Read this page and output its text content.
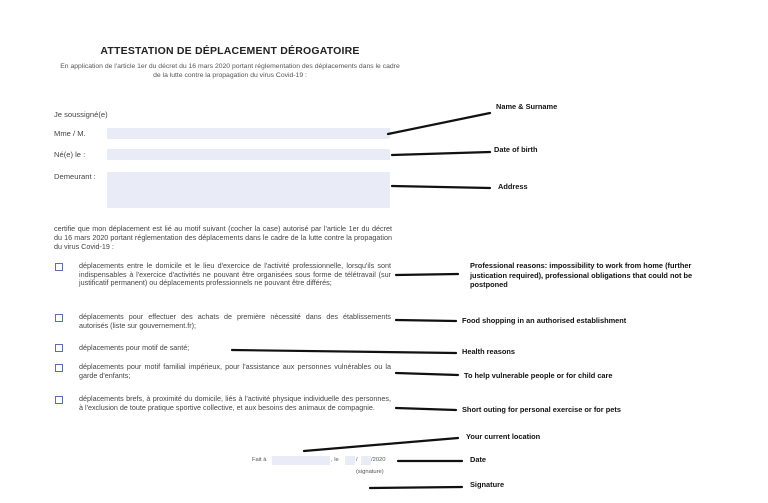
ATTESTATION DE DÉPLACEMENT DÉROGATOIRE
En application de l'article 1er du décret du 16 mars 2020 portant réglementation des déplacements dans le cadre de la lutte contre la propagation du virus Covid-19 :
Je soussigné(e)
Mme / M.
Né(e) le :
Demeurant :
certifie que mon déplacement est lié au motif suivant (cocher la case) autorisé par l'article 1er du décret du 16 mars 2020 portant réglementation des déplacements dans le cadre de la lutte contre la propagation du virus Covid-19 :
déplacements entre le domicile et le lieu d'exercice de l'activité professionnelle, lorsqu'ils sont indispensables à l'exercice d'activités ne pouvant être organisées sous forme de télétravail (sur justificatif permanent) ou déplacements professionnels ne pouvant être différés;
déplacements pour effectuer des achats de première nécessité dans des établissements autorisés (liste sur gouvernement.fr);
déplacements pour motif de santé;
déplacements pour motif familial impérieux, pour l'assistance aux personnes vulnérables ou la garde d'enfants;
déplacements brefs, à proximité du domicile, liés à l'activité physique individuelle des personnes, à l'exclusion de toute pratique sportive collective, et aux besoins des animaux de compagnie.
Fait à	, le	/ /2020
(signature)
Name & Surname
Date of birth
Address
Professional reasons: impossibility to work from home (further justication required), professional obligations that could not be postponed
Food shopping in an authorised establishment
Health reasons
To help vulnerable people or for child care
Short outing for personal exercise or for pets
Your current location
Date
Signature
